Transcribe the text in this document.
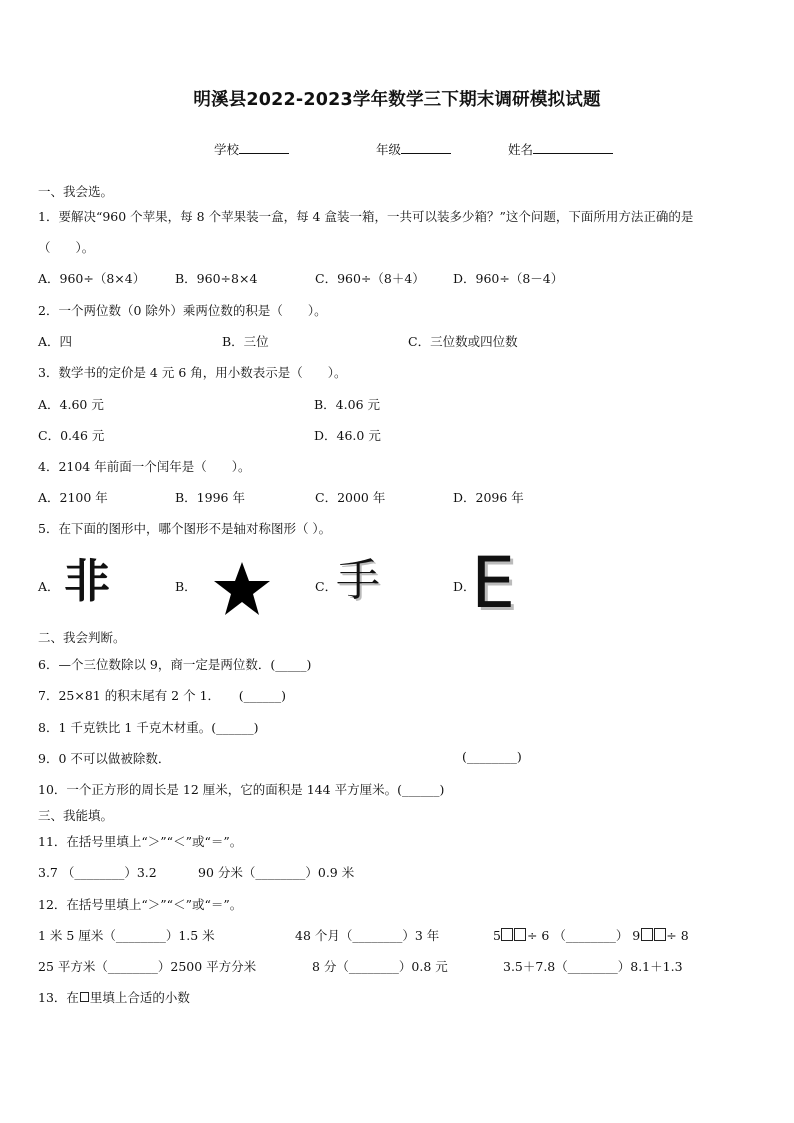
明溪县2022-2023学年数学三下期末调研模拟试题
学校	年级	姓名
一、我会选。
1．要解决“960 个苹果，每 8 个苹果装一盒，每 4 盒装一箱，一共可以装多少箱？”这个问题，下面所用方法正确的是
（　　）。
A．960÷（8×4） B．960÷8×4	C．960÷（8＋4） D．960÷（8－4）
2．一个两位数（0 除外）乘两位数的积是（　　）。
A．四	B．三位	C．三位数或四位数
3．数学书的定价是 4 元 6 角，用小数表示是（　　）。
A．4.60 元	B．4.06 元
C．0.46 元	D．46.0 元
4．2104 年前面一个闰年是（　　）。
A．2100 年	B．1996 年	C．2000 年	D．2096 年
5．在下面的图形中，哪个图形不是轴对称图形（ ）。
A． 非	B．	C．
手	D．
E
二、我会判断。
6．—个三位数除以 9，商一定是两位数．(_____)
7．25×81 的积末尾有 2 个 1．　　(______)
8．1 千克铁比 1 千克木材重。(______)
9．0 不可以做被除数．	(________)
10．一个正方形的周长是 12 厘米，它的面积是 144 平方厘米。(______)
三、我能填。
11．在括号里填上“＞”“＜”或“＝”。
3.7 （________）3.2	90 分米（________）0.9 米
12．在括号里填上“＞”“＜”或“＝”。
1 米 5 厘米（________）1.5 米	48 个月（________）3 年	5 ÷ 6 （________） 9 ÷ 8
25 平方米（________）2500 平方分米	8 分（________）0.8 元	3.5＋7.8（________）8.1＋1.3
13．在 里填上合适的小数
